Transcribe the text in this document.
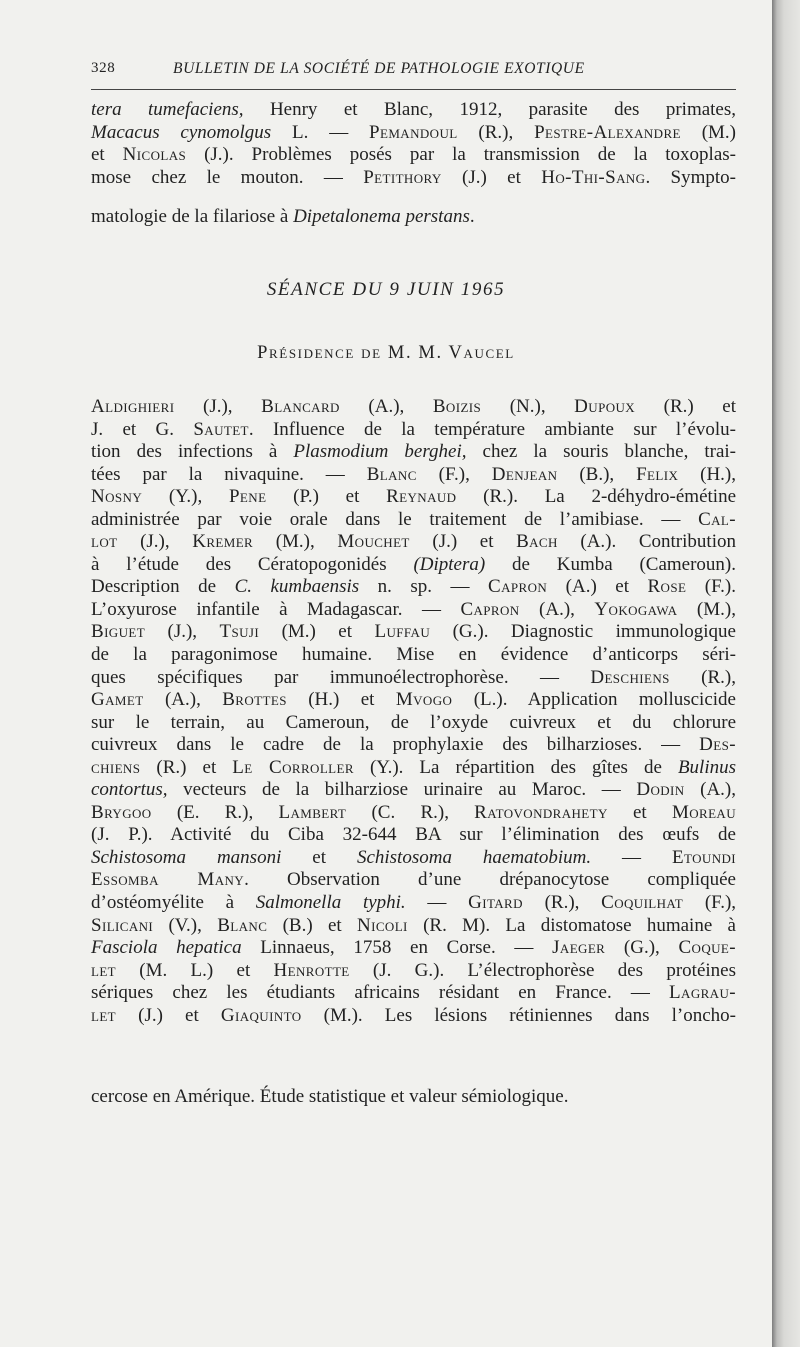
328	BULLETIN DE LA SOCIÉTÉ DE PATHOLOGIE EXOTIQUE

tera tumefaciens, Henry et Blanc, 1912, parasite des primates,

Macacus cynomolgus L. — Pemandoul (R.), Pestre-Alexandre (M.)

et Nicolas (J.). Problèmes posés par la transmission de la toxoplas-

mose chez le mouton. — Petithory (J.) et Ho-Thi-Sang. Sympto-

matologie de la filariose à Dipetalonema perstans.
SÉANCE DU 9 JUIN 1965
Présidence de M. M. Vaucel

Aldighieri (J.), Blancard (A.), Boizis (N.), Dupoux (R.) et

J. et G. Sautet. Influence de la température ambiante sur l’évolu-

tion des infections à Plasmodium berghei, chez la souris blanche, trai-

tées par la nivaquine. — Blanc (F.), Denjean (B.), Felix (H.),

Nosny (Y.), Pene (P.) et Reynaud (R.). La 2-déhydro-émétine

administrée par voie orale dans le traitement de l’amibiase. — Cal-

lot (J.), Kremer (M.), Mouchet (J.) et Bach (A.). Contribution

à l’étude des Cératopogonidés (Diptera) de Kumba (Cameroun).

Description de C. kumbaensis n. sp. — Capron (A.) et Rose (F.).

L’oxyurose infantile à Madagascar. — Capron (A.), Yokogawa (M.),

Biguet (J.), Tsuji (M.) et Luffau (G.). Diagnostic immunologique

de la paragonimose humaine. Mise en évidence d’anticorps séri-

ques spécifiques par immunoélectrophorèse. — Deschiens (R.),

Gamet (A.), Brottes (H.) et Mvogo (L.). Application molluscicide

sur le terrain, au Cameroun, de l’oxyde cuivreux et du chlorure

cuivreux dans le cadre de la prophylaxie des bilharzioses. — Des-

chiens (R.) et Le Corroller (Y.). La répartition des gîtes de Bulinus

contortus, vecteurs de la bilharziose urinaire au Maroc. — Dodin (A.),

Brygoo (E. R.), Lambert (C. R.), Ratovondrahety et Moreau

(J. P.). Activité du Ciba 32-644 BA sur l’élimination des œufs de

Schistosoma mansoni et Schistosoma haematobium. — Etoundi

Essomba Many. Observation d’une drépanocytose compliquée

d’ostéomyélite à Salmonella typhi. — Gitard (R.), Coquilhat (F.),

Silicani (V.), Blanc (B.) et Nicoli (R. M). La distomatose humaine à

Fasciola hepatica Linnaeus, 1758 en Corse. — Jaeger (G.), Coque-

let (M. L.) et Henrotte (J. G.). L’électrophorèse des protéines

sériques chez les étudiants africains résidant en France. — Lagrau-

let (J.) et Giaquinto (M.). Les lésions rétiniennes dans l’oncho-

cercose en Amérique. Étude statistique et valeur sémiologique.
